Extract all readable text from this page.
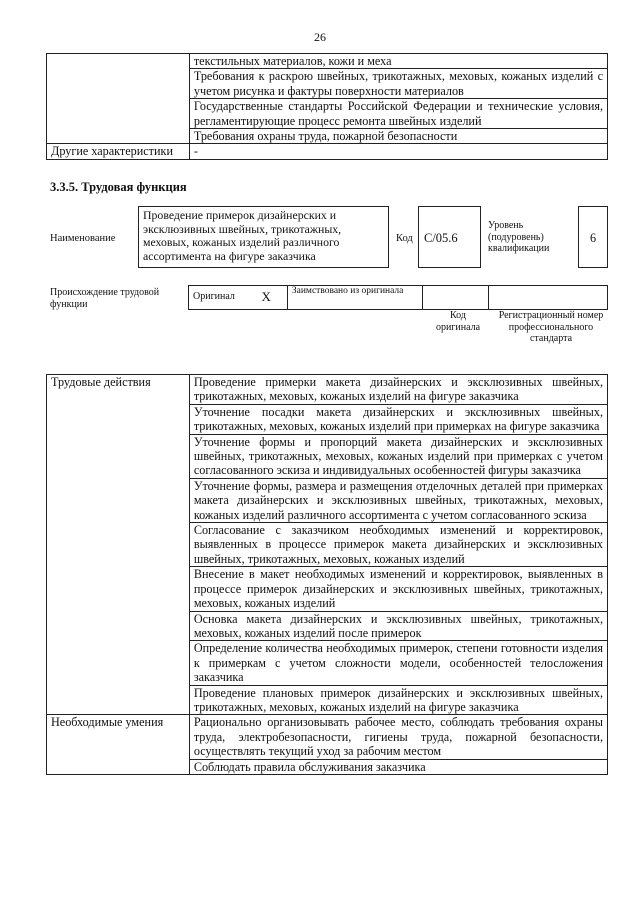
26
	текстильных материалов, кожи и меха
	Требования к раскрою швейных, трикотажных, меховых, кожаных изделий с учетом рисунка и фактуры поверхности материалов
	Государственные стандарты Российской Федерации и технические условия, регламентирующие процесс ремонта швейных изделий
	Требования охраны труда, пожарной безопасности
Другие характеристики	-
3.3.5. Трудовая функция
Наименование
Проведение примерок дизайнерских и эксклюзивных швейных, трикотажных, меховых, кожаных изделий различного ассортимента на фигуре заказчика
Код C/05.6
Уровень (подуровень) квалификации
6
Происхождение трудовой функции
Оригинал	X	Заимствовано из оригинала		
Код оригинала
Регистрационный номер профессионального стандарта
Трудовые действия	Проведение примерки макета дизайнерских и эксклюзивных швейных, трикотажных, меховых, кожаных изделий на фигуре заказчика
	Уточнение посадки макета дизайнерских и эксклюзивных швейных, трикотажных, меховых, кожаных изделий при примерках на фигуре заказчика
	Уточнение формы и пропорций макета дизайнерских и эксклюзивных швейных, трикотажных, меховых, кожаных изделий при примерках с учетом согласованного эскиза и индивидуальных особенностей фигуры заказчика
	Уточнение формы, размера и размещения отделочных деталей при примерках макета дизайнерских и эксклюзивных швейных, трикотажных, меховых, кожаных изделий различного ассортимента с учетом согласованного эскиза
	Согласование с заказчиком необходимых изменений и корректировок, выявленных в процессе примерок макета дизайнерских и эксклюзивных швейных, трикотажных, меховых, кожаных изделий
	Внесение в макет необходимых изменений и корректировок, выявленных в процессе примерок дизайнерских и эксклюзивных швейных, трикотажных, меховых, кожаных изделий
	Основка макета дизайнерских и эксклюзивных швейных, трикотажных, меховых, кожаных изделий после примерок
	Определение количества необходимых примерок, степени готовности изделия к примеркам с учетом сложности модели, особенностей телосложения заказчика
	Проведение плановых примерок дизайнерских и эксклюзивных швейных, трикотажных, меховых, кожаных изделий на фигуре заказчика
Необходимые умения	Рационально организовывать рабочее место, соблюдать требования охраны труда, электробезопасности, гигиены труда, пожарной безопасности, осуществлять текущий уход за рабочим местом
	Соблюдать правила обслуживания заказчика
